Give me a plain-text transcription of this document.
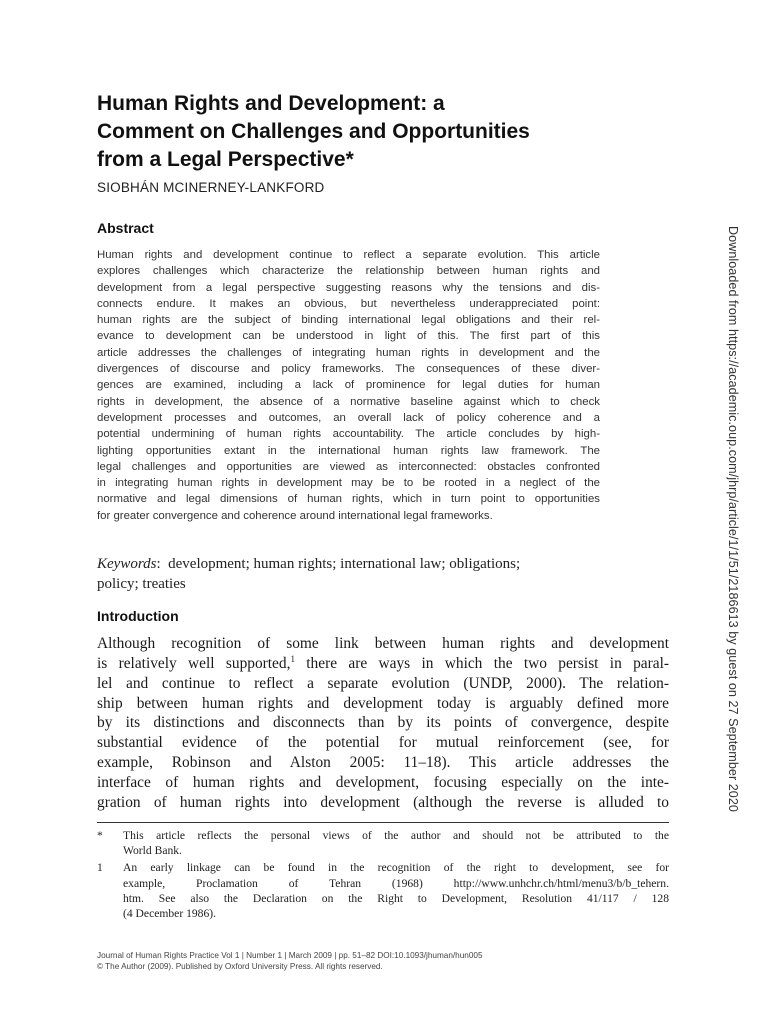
Human Rights and Development: a
Comment on Challenges and Opportunities
from a Legal Perspective*
SIOBHÁN MCINERNEY-LANKFORD
Abstract
Human rights and development continue to reflect a separate evolution. This article
explores challenges which characterize the relationship between human rights and
development from a legal perspective suggesting reasons why the tensions and dis-
connects endure. It makes an obvious, but nevertheless underappreciated point:
human rights are the subject of binding international legal obligations and their rel-
evance to development can be understood in light of this. The first part of this
article addresses the challenges of integrating human rights in development and the
divergences of discourse and policy frameworks. The consequences of these diver-
gences are examined, including a lack of prominence for legal duties for human
rights in development, the absence of a normative baseline against which to check
development processes and outcomes, an overall lack of policy coherence and a
potential undermining of human rights accountability. The article concludes by high-
lighting opportunities extant in the international human rights law framework. The
legal challenges and opportunities are viewed as interconnected: obstacles confronted
in integrating human rights in development may be to be rooted in a neglect of the
normative and legal dimensions of human rights, which in turn point to opportunities
for greater convergence and coherence around international legal frameworks.
Keywords:  development; human rights; international law; obligations;
policy; treaties
Introduction
Although recognition of some link between human rights and development
is relatively well supported,$^1$ there are ways in which the two persist in paral-
lel and continue to reflect a separate evolution (UNDP, 2000). The relation-
ship between human rights and development today is arguably defined more
by its distinctions and disconnects than by its points of convergence, despite
substantial evidence of the potential for mutual reinforcement (see, for
example, Robinson and Alston 2005: 11–18). This article addresses the
interface of human rights and development, focusing especially on the inte-
gration of human rights into development (although the reverse is alluded to
* This article reflects the personal views of the author and should not be attributed to the
World Bank.
1 An early linkage can be found in the recognition of the right to development, see for
example, Proclamation of Tehran (1968) http://www.unhchr.ch/html/menu3/b/b_tehern.
htm. See also the Declaration on the Right to Development, Resolution 41/117 / 128
(4 December 1986).
Journal of Human Rights Practice Vol 1 | Number 1 | March 2009 | pp. 51–82 DOI:10.1093/jhuman/hun005
© The Author (2009). Published by Oxford University Press. All rights reserved.
Downloaded from https://academic.oup.com/jhrp/article/1/1/51/2186613 by guest on 27 September 2020
